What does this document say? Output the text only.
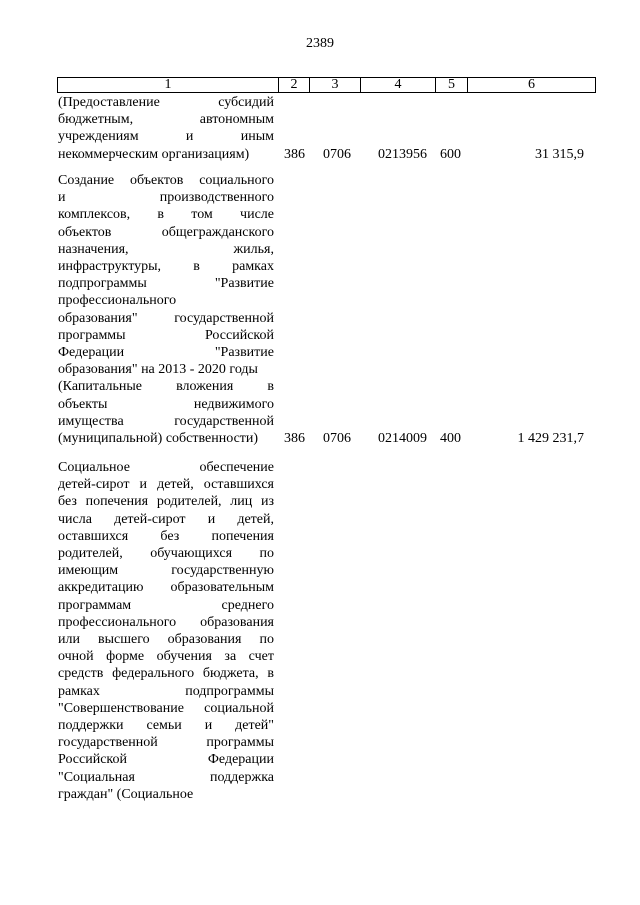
2389
1	2	3	4	5	6
(Предоставление субсидий
бюджетным, автономным
учреждениям и иным
некоммерческим организациям)	386 0706 0213956 600	31 315,9
Создание объектов социального
и производственного
комплексов, в том числе
объектов общегражданского
назначения, жилья,
инфраструктуры, в рамках
подпрограммы "Развитие
профессионального
образования" государственной
программы Российской
Федерации "Развитие
образования" на 2013 - 2020 годы
(Капитальные вложения в
объекты недвижимого
имущества государственной
(муниципальной) собственности)	386 0706 0214009 400	1 429 231,7
Социальное обеспечение
детей-сирот и детей, оставшихся
без попечения родителей, лиц из
числа детей-сирот и детей,
оставшихся без попечения
родителей, обучающихся по
имеющим государственную
аккредитацию образовательным
программам среднего
профессионального образования
или высшего образования по
очной форме обучения за счет
средств федерального бюджета, в
рамках подпрограммы
"Совершенствование социальной
поддержки семьи и детей"
государственной программы
Российской Федерации
"Социальная поддержка
граждан" (Социальное
